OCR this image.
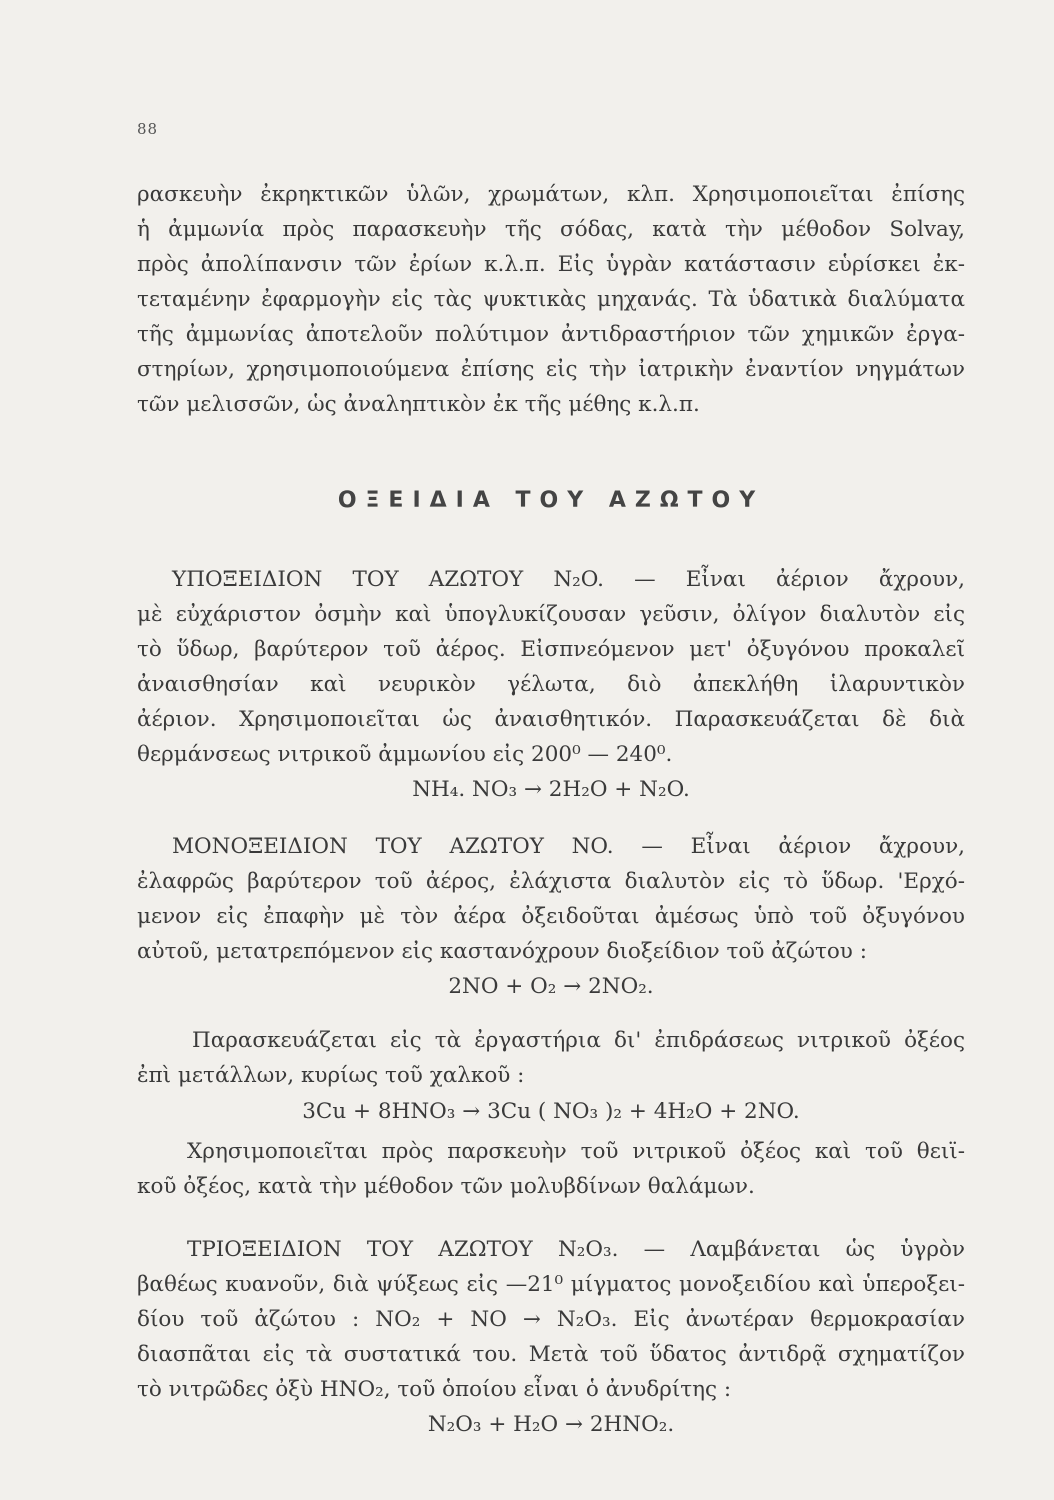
88
ρασκευὴν ἐκρηκτικῶν ὑλῶν, χρωμάτων, κλπ. Χρησιμοποιεῖται ἐπίσης
ἡ ἀμμωνία πρὸς παρασκευὴν τῆς σόδας, κατὰ τὴν μέθοδον Solvay,
πρὸς ἀπολίπανσιν τῶν ἐρίων κ.λ.π. Εἰς ὑγρὰν κατάστασιν εὑρίσκει ἐκ-
τεταμένην ἐφαρμογὴν εἰς τὰς ψυκτικὰς μηχανάς. Τὰ ὑδατικὰ διαλύματα
τῆς ἀμμωνίας ἀποτελοῦν πολύτιμον ἀντιδραστήριον τῶν χημικῶν ἐργα-
στηρίων, χρησιμοποιούμενα ἐπίσης εἰς τὴν ἰατρικὴν ἐναντίον νηγμάτων
τῶν μελισσῶν, ὡς ἀναληπτικὸν ἐκ τῆς μέθης κ.λ.π.
ΟΞΕΙΔΙΑ ΤΟΥ ΑΖΩΤΟΥ
ΥΠΟΞΕΙΔΙΟΝ ΤΟΥ ΑΖΩΤΟΥ N₂O. — Εἶναι ἀέριον ἄχρουν,
μὲ εὐχάριστον ὀσμὴν καὶ ὑπογλυκίζουσαν γεῦσιν, ὀλίγον διαλυτὸν εἰς
τὸ ὕδωρ, βαρύτερον τοῦ ἀέρος. Εἰσπνεόμενον μετ' ὀξυγόνου προκαλεῖ
ἀναισθησίαν καὶ νευρικὸν γέλωτα, διὸ ἀπεκλήθη ἱλαρυντικὸν
ἀέριον. Χρησιμοποιεῖται ὡς ἀναισθητικόν. Παρασκευάζεται δὲ διὰ
θερμάνσεως νιτρικοῦ ἀμμωνίου εἰς 200⁰ — 240⁰.
NH₄. NO₃ → 2H₂O + N₂O.
ΜΟΝΟΞΕΙΔΙΟΝ ΤΟΥ ΑΖΩΤΟΥ NO. — Εἶναι ἀέριον ἄχρουν,
ἐλαφρῶς βαρύτερον τοῦ ἀέρος, ἐλάχιστα διαλυτὸν εἰς τὸ ὕδωρ. 'Ερχό-
μενον εἰς ἐπαφὴν μὲ τὸν ἀέρα ὀξειδοῦται ἀμέσως ὑπὸ τοῦ ὀξυγόνου
αὐτοῦ, μετατρεπόμενον εἰς καστανόχρουν διοξείδιον τοῦ ἀζώτου :
2NO + O₂ → 2NO₂.
Παρασκευάζεται εἰς τὰ ἐργαστήρια δι' ἐπιδράσεως νιτρικοῦ ὀξέος
ἐπὶ μετάλλων, κυρίως τοῦ χαλκοῦ :
3Cu + 8HNO₃ → 3Cu ( NO₃ )₂ + 4H₂O + 2NO.
Χρησιμοποιεῖται πρὸς παρσκευὴν τοῦ νιτρικοῦ ὀξέος καὶ τοῦ θειϊ-
κοῦ ὀξέος, κατὰ τὴν μέθοδον τῶν μολυβδίνων θαλάμων.
ΤΡΙΟΞΕΙΔΙΟΝ ΤΟΥ ΑΖΩΤΟΥ N₂O₃. — Λαμβάνεται ὡς ὑγρὸν
βαθέως κυανοῦν, διὰ ψύξεως εἰς —21⁰ μίγματος μονοξειδίου καὶ ὑπεροξει-
δίου τοῦ ἀζώτου : NO₂ + NO → N₂O₃. Εἰς ἀνωτέραν θερμοκρασίαν
διασπᾶται εἰς τὰ συστατικά του. Μετὰ τοῦ ὕδατος ἀντιδρᾷ σχηματίζον
τὸ νιτρῶδες ὀξὺ HNO₂, τοῦ ὁποίου εἶναι ὁ ἀνυδρίτης :
N₂O₃ + H₂O → 2HNO₂.
